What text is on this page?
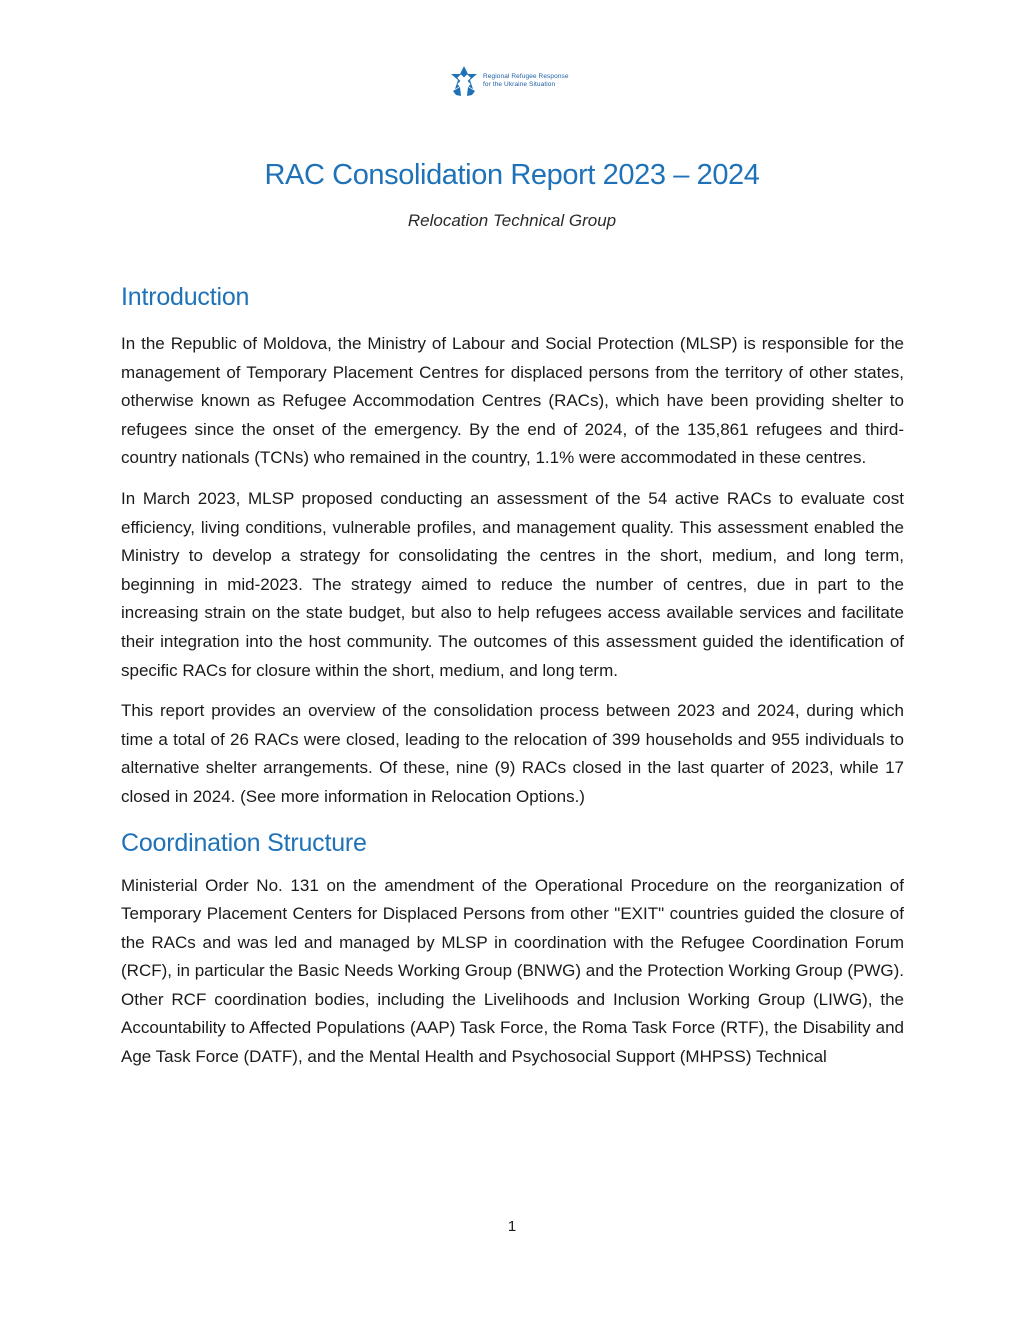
Regional Refugee Response
for the Ukraine Situation
RAC Consolidation Report 2023 – 2024

Relocation Technical Group

Introduction

In the Republic of Moldova, the Ministry of Labour and Social Protection (MLSP) is responsible for the management of Temporary Placement Centres for displaced persons from the territory of other states, otherwise known as Refugee Accommodation Centres (RACs), which have been providing shelter to refugees since the onset of the emergency. By the end of 2024, of the 135,861 refugees and third-country nationals (TCNs) who remained in the country, 1.1% were accommodated in these centres.

In March 2023, MLSP proposed conducting an assessment of the 54 active RACs to evaluate cost efficiency, living conditions, vulnerable profiles, and management quality. This assessment enabled the Ministry to develop a strategy for consolidating the centres in the short, medium, and long term, beginning in mid-2023. The strategy aimed to reduce the number of centres, due in part to the increasing strain on the state budget, but also to help refugees access available services and facilitate their integration into the host community. The outcomes of this assessment guided the identification of specific RACs for closure within the short, medium, and long term.

This report provides an overview of the consolidation process between 2023 and 2024, during which time a total of 26 RACs were closed, leading to the relocation of 399 households and 955 individuals to alternative shelter arrangements. Of these, nine (9) RACs closed in the last quarter of 2023, while 17 closed in 2024. (See more information in Relocation Options.)

Coordination Structure

Ministerial Order No. 131 on the amendment of the Operational Procedure on the reorganization of Temporary Placement Centers for Displaced Persons from other "EXIT" countries guided the closure of the RACs and was led and managed by MLSP in coordination with the Refugee Coordination Forum (RCF), in particular the Basic Needs Working Group (BNWG) and the Protection Working Group (PWG). Other RCF coordination bodies, including the Livelihoods and Inclusion Working Group (LIWG), the Accountability to Affected Populations (AAP) Task Force, the Roma Task Force (RTF), the Disability and Age Task Force (DATF), and the Mental Health and Psychosocial Support (MHPSS) Technical

1
